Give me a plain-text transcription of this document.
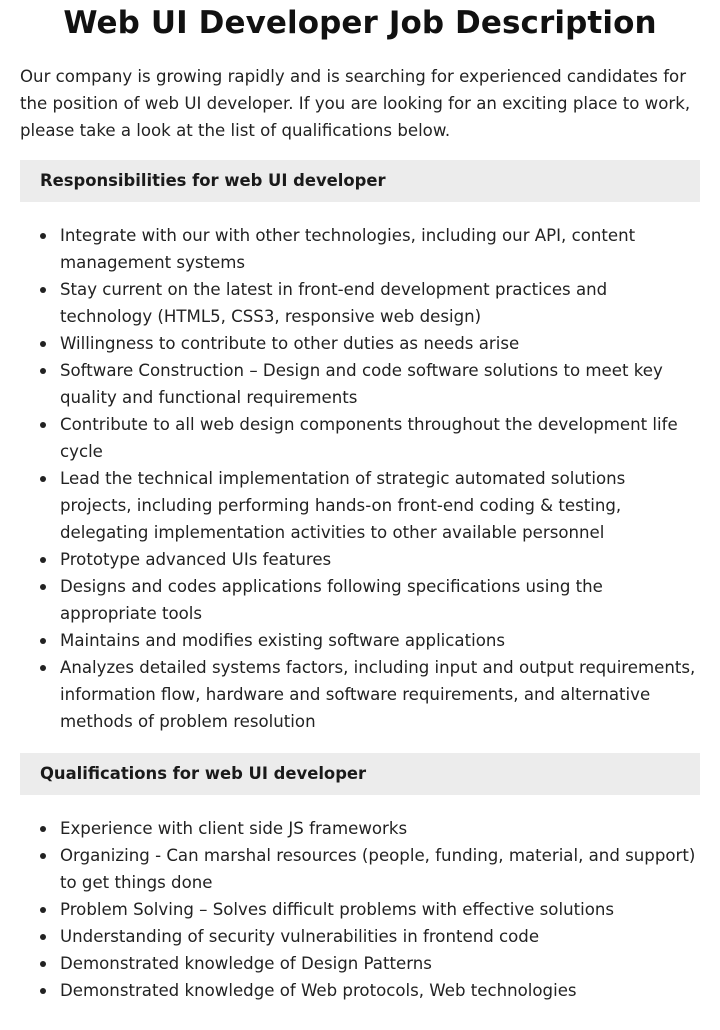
Web UI Developer Job Description

Our company is growing rapidly and is searching for experienced candidates for the position of web UI developer. If you are looking for an exciting place to work, please take a look at the list of qualifications below.

Responsibilities for web UI developer
Integrate with our with other technologies, including our API, content management systems
Stay current on the latest in front-end development practices and technology (HTML5, CSS3, responsive web design)
Willingness to contribute to other duties as needs arise
Software Construction – Design and code software solutions to meet key quality and functional requirements
Contribute to all web design components throughout the development life cycle
Lead the technical implementation of strategic automated solutions projects, including performing hands-on front-end coding & testing, delegating implementation activities to other available personnel
Prototype advanced UIs features
Designs and codes applications following specifications using the appropriate tools
Maintains and modifies existing software applications
Analyzes detailed systems factors, including input and output requirements, information flow, hardware and software requirements, and alternative methods of problem resolution
Qualifications for web UI developer
Experience with client side JS frameworks
Organizing - Can marshal resources (people, funding, material, and support) to get things done
Problem Solving – Solves difficult problems with effective solutions
Understanding of security vulnerabilities in frontend code
Demonstrated knowledge of Design Patterns
Demonstrated knowledge of Web protocols, Web technologies
